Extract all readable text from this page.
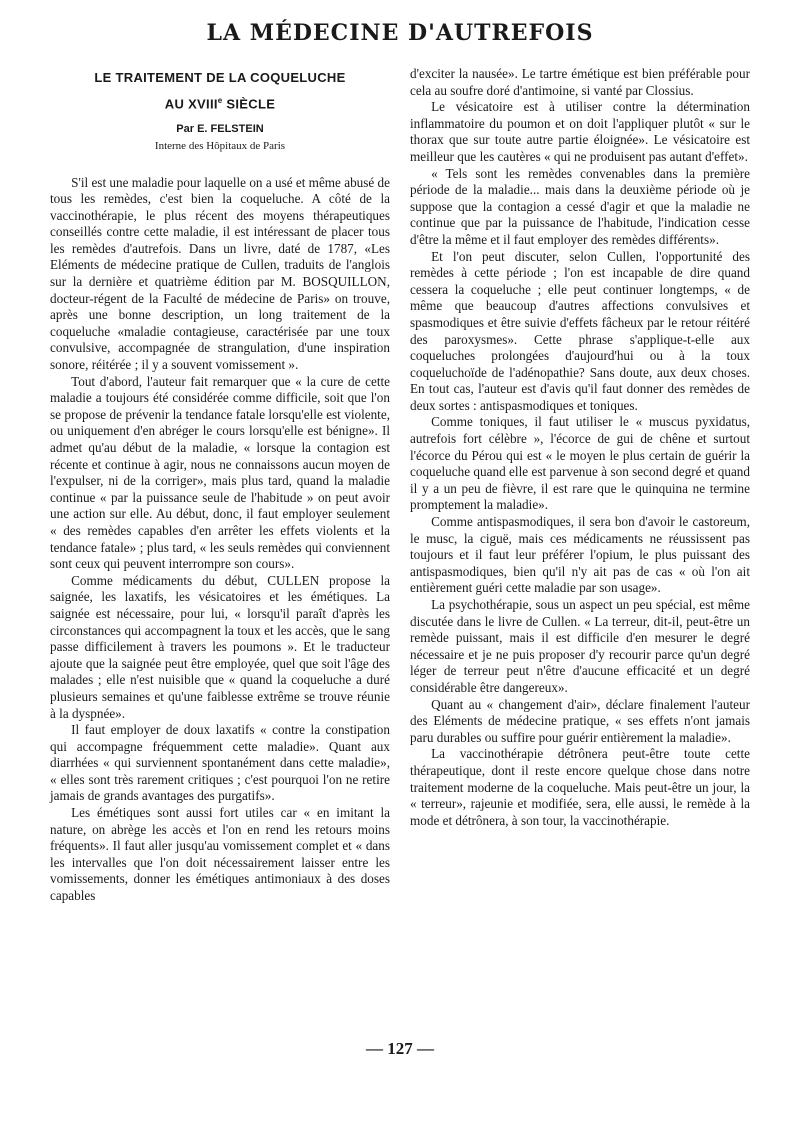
LA MÉDECINE D'AUTREFOIS
LE TRAITEMENT DE LA COQUELUCHE
AU XVIIIe SIÈCLE
Par E. FELSTEIN
Interne des Hôpitaux de Paris

S'il est une maladie pour laquelle on a usé et même abusé de tous les remèdes, c'est bien la coqueluche. A côté de la vaccinothérapie, le plus récent des moyens thérapeutiques conseillés contre cette maladie, il est intéressant de placer tous les remèdes d'autrefois. Dans un livre, daté de 1787, «Les Eléments de médecine pratique de Cullen, traduits de l'anglois sur la dernière et quatrième édition par M. BOSQUILLON, docteur-régent de la Faculté de médecine de Paris» on trouve, après une bonne description, un long traitement de la coqueluche «maladie contagieuse, caractérisée par une toux convulsive, accompagnée de strangulation, d'une inspiration sonore, réitérée ; il y a souvent vomissement ».

Tout d'abord, l'auteur fait remarquer que « la cure de cette maladie a toujours été considérée comme difficile, soit que l'on se propose de prévenir la tendance fatale lorsqu'elle est violente, ou uniquement d'en abréger le cours lorsqu'elle est bénigne». Il admet qu'au début de la maladie, « lorsque la contagion est récente et continue à agir, nous ne connaissons aucun moyen de l'expulser, ni de la corriger», mais plus tard, quand la maladie continue « par la puissance seule de l'habitude » on peut avoir une action sur elle. Au début, donc, il faut employer seulement « des remèdes capables d'en arrêter les effets violents et la tendance fatale» ; plus tard, « les seuls remèdes qui conviennent sont ceux qui peuvent interrompre son cours».

Comme médicaments du début, CULLEN propose la saignée, les laxatifs, les vésicatoires et les émétiques. La saignée est nécessaire, pour lui, « lorsqu'il paraît d'après les circonstances qui accompagnent la toux et les accès, que le sang passe difficilement à travers les poumons ». Et le traducteur ajoute que la saignée peut être employée, quel que soit l'âge des malades ; elle n'est nuisible que « quand la coqueluche a duré plusieurs semaines et qu'une faiblesse extrême se trouve réunie à la dyspnée».

Il faut employer de doux laxatifs « contre la constipation qui accompagne fréquemment cette maladie». Quant aux diarrhées « qui surviennent spontanément dans cette maladie», « elles sont très rarement critiques ; c'est pourquoi l'on ne retire jamais de grands avantages des purgatifs».

Les émétiques sont aussi fort utiles car « en imitant la nature, on abrège les accès et l'on en rend les retours moins fréquents». Il faut aller jusqu'au vomissement complet et « dans les intervalles que l'on doit nécessairement laisser entre les vomissements, donner les émétiques antimoniaux à des doses capables

d'exciter la nausée». Le tartre émétique est bien préférable pour cela au soufre doré d'antimoine, si vanté par Clossius.

Le vésicatoire est à utiliser contre la détermination inflammatoire du poumon et on doit l'appliquer plutôt « sur le thorax que sur toute autre partie éloignée». Le vésicatoire est meilleur que les cautères « qui ne produisent pas autant d'effet».

« Tels sont les remèdes convenables dans la première période de la maladie... mais dans la deuxième période où je suppose que la contagion a cessé d'agir et que la maladie ne continue que par la puissance de l'habitude, l'indication cesse d'être la même et il faut employer des remèdes différents».

Et l'on peut discuter, selon Cullen, l'opportunité des remèdes à cette période ; l'on est incapable de dire quand cessera la coqueluche ; elle peut continuer longtemps, « de même que beaucoup d'autres affections convulsives et spasmodiques et être suivie d'effets fâcheux par le retour réitéré des paroxysmes». Cette phrase s'applique-t-elle aux coqueluches prolongées d'aujourd'hui ou à la toux coqueluchoïde de l'adénopathie? Sans doute, aux deux choses. En tout cas, l'auteur est d'avis qu'il faut donner des remèdes de deux sortes : antispasmodiques et toniques.

Comme toniques, il faut utiliser le « muscus pyxidatus, autrefois fort célèbre », l'écorce de gui de chêne et surtout l'écorce du Pérou qui est « le moyen le plus certain de guérir la coqueluche quand elle est parvenue à son second degré et quand il y a un peu de fièvre, il est rare que le quinquina ne termine promptement la maladie».

Comme antispasmodiques, il sera bon d'avoir le castoreum, le musc, la ciguë, mais ces médicaments ne réussissent pas toujours et il faut leur préférer l'opium, le plus puissant des antispasmodiques, bien qu'il n'y ait pas de cas « où l'on ait entièrement guéri cette maladie par son usage».

La psychothérapie, sous un aspect un peu spécial, est même discutée dans le livre de Cullen. « La terreur, dit-il, peut-être un remède puissant, mais il est difficile d'en mesurer le degré nécessaire et je ne puis proposer d'y recourir parce qu'un degré léger de terreur peut n'être d'aucune efficacité et un degré considérable être dangereux».

Quant au « changement d'air», déclare finalement l'auteur des Eléments de médecine pratique, « ses effets n'ont jamais paru durables ou suffire pour guérir entièrement la maladie».

La vaccinothérapie détrônera peut-être toute cette thérapeutique, dont il reste encore quelque chose dans notre traitement moderne de la coqueluche. Mais peut-être un jour, la « terreur», rajeunie et modifiée, sera, elle aussi, le remède à la mode et détrônera, à son tour, la vaccinothérapie.

— 127 —
